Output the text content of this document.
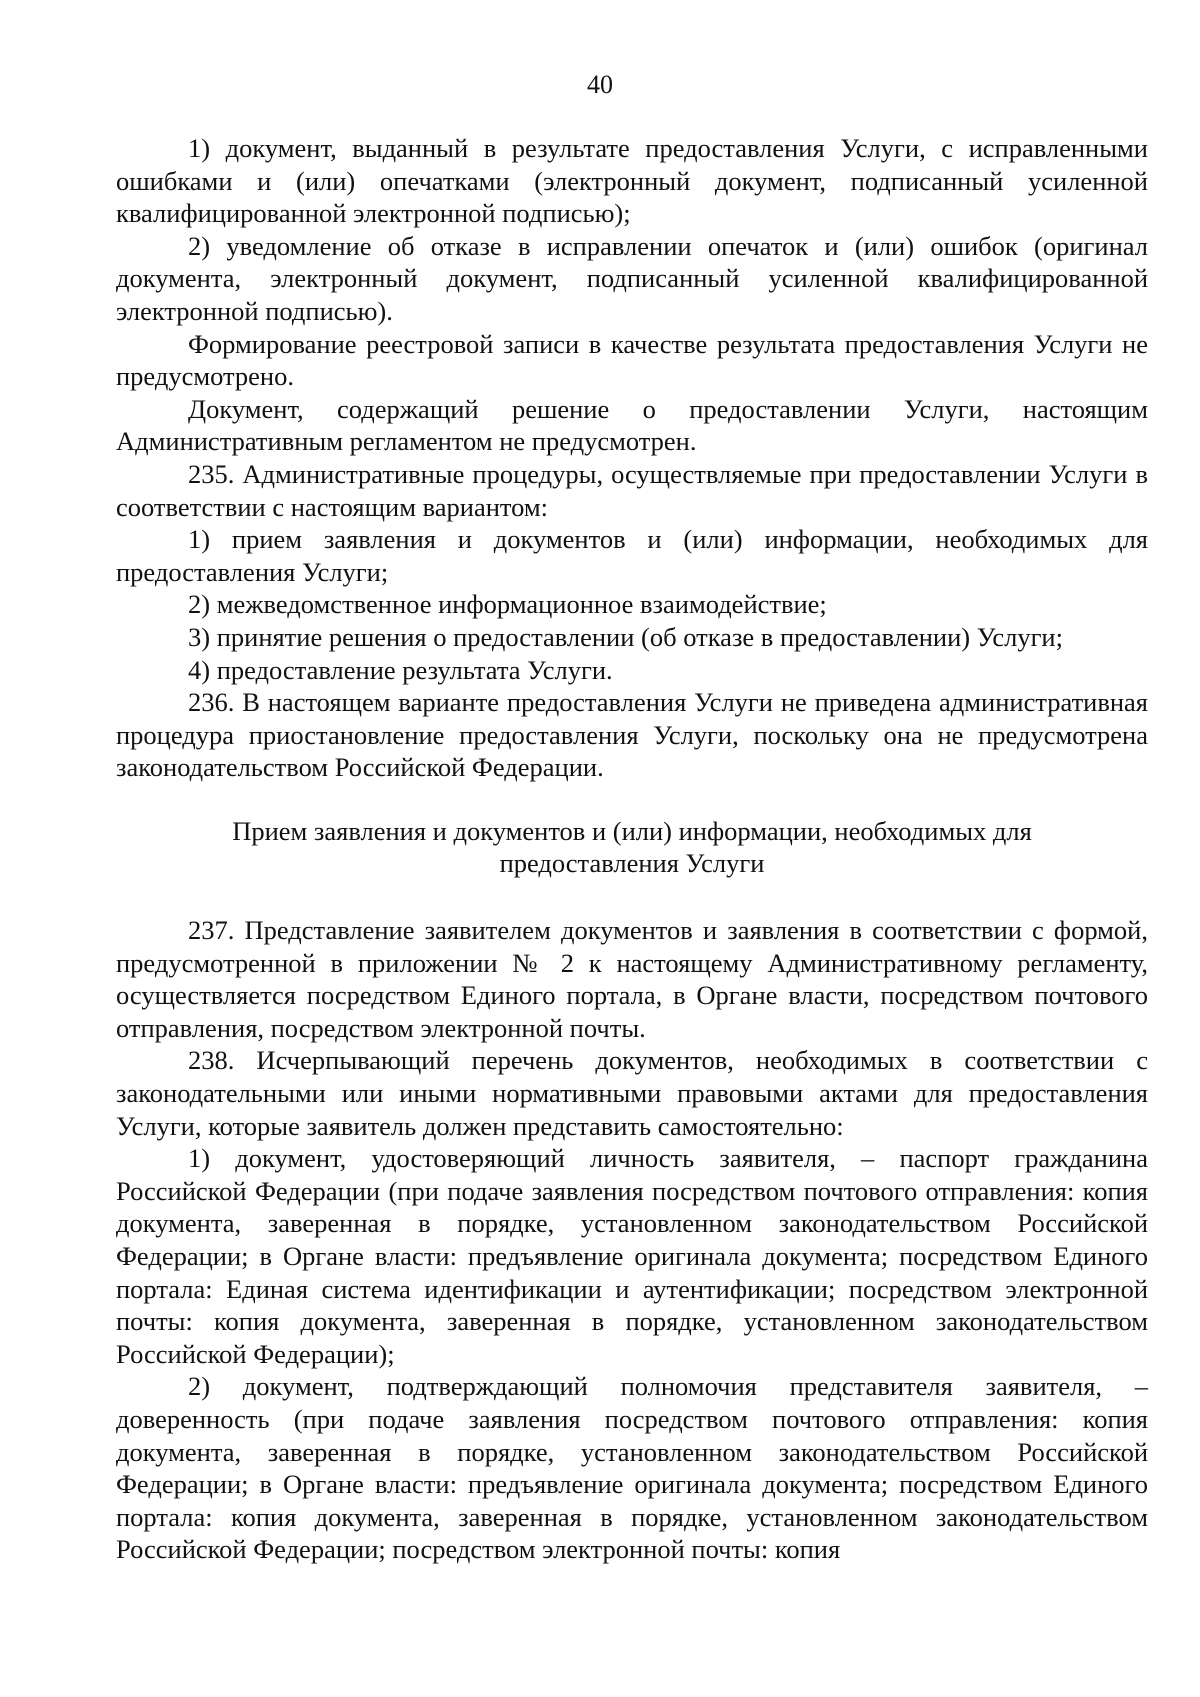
40

1) документ, выданный в результате предоставления Услуги, с исправленными ошибками и (или) опечатками (электронный документ, подписанный усиленной квалифицированной электронной подписью);

2) уведомление об отказе в исправлении опечаток и (или) ошибок (оригинал документа, электронный документ, подписанный усиленной квалифицированной электронной подписью).

Формирование реестровой записи в качестве результата предоставления Услуги не предусмотрено.

Документ, содержащий решение о предоставлении Услуги, настоящим Административным регламентом не предусмотрен.

235. Административные процедуры, осуществляемые при предоставлении Услуги в соответствии с настоящим вариантом:

1) прием заявления и документов и (или) информации, необходимых для предоставления Услуги;

2) межведомственное информационное взаимодействие;

3) принятие решения о предоставлении (об отказе в предоставлении) Услуги;

4) предоставление результата Услуги.

236. В настоящем варианте предоставления Услуги не приведена административная процедура приостановление предоставления Услуги, поскольку она не предусмотрена законодательством Российской Федерации.

Прием заявления и документов и (или) информации, необходимых для предоставления Услуги

237. Представление заявителем документов и заявления в соответствии с формой, предусмотренной в приложении № 2 к настоящему Административному регламенту, осуществляется посредством Единого портала, в Органе власти, посредством почтового отправления, посредством электронной почты.

238. Исчерпывающий перечень документов, необходимых в соответствии с законодательными или иными нормативными правовыми актами для предоставления Услуги, которые заявитель должен представить самостоятельно:

1) документ, удостоверяющий личность заявителя, – паспорт гражданина Российской Федерации (при подаче заявления посредством почтового отправления: копия документа, заверенная в порядке, установленном законодательством Российской Федерации; в Органе власти: предъявление оригинала документа; посредством Единого портала: Единая система идентификации и аутентификации; посредством электронной почты: копия документа, заверенная в порядке, установленном законодательством Российской Федерации);

2) документ, подтверждающий полномочия представителя заявителя, – доверенность (при подаче заявления посредством почтового отправления: копия документа, заверенная в порядке, установленном законодательством Российской Федерации; в Органе власти: предъявление оригинала документа; посредством Единого портала: копия документа, заверенная в порядке, установленном законодательством Российской Федерации; посредством электронной почты: копия
